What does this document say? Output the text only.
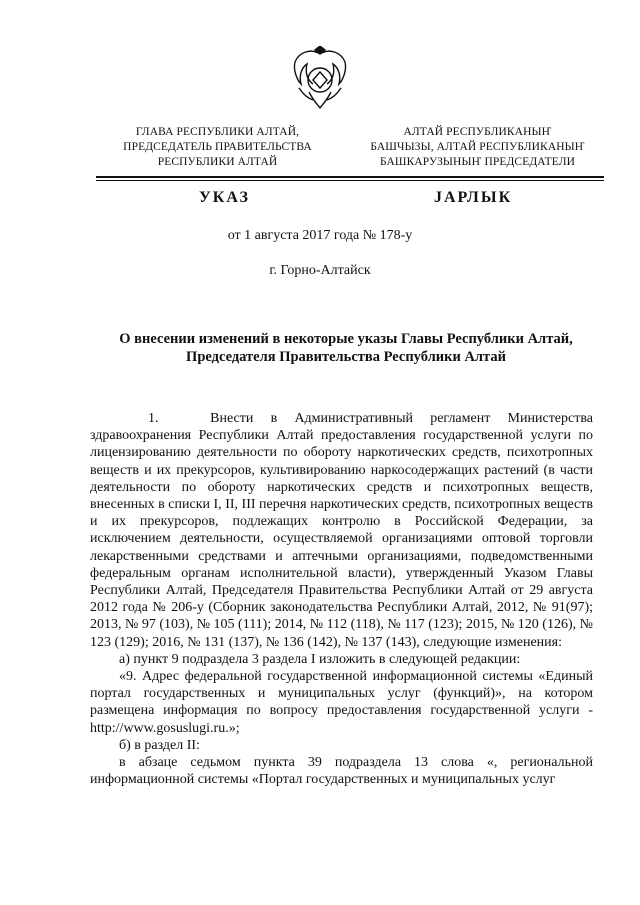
ГЛАВА РЕСПУБЛИКИ АЛТАЙ,
ПРЕДСЕДАТЕЛЬ ПРАВИТЕЛЬСТВА
РЕСПУБЛИКИ АЛТАЙ
АЛТАЙ РЕСПУБЛИКАНЫҤ
БАШЧЫЗЫ, АЛТАЙ РЕСПУБЛИКАНЫҤ
БАШКАРУЗЫНЫҤ ПРЕДСЕДАТЕЛИ
УКАЗ	JАРЛЫК
от 1 августа 2017 года № 178-у
г. Горно-Алтайск
О внесении изменений в некоторые указы Главы Республики Алтай, Председателя Правительства Республики Алтай

1.   Внести в Административный регламент Министерства здравоохранения Республики Алтай предоставления государственной услуги по лицензированию деятельности по обороту наркотических средств, психотропных веществ и их прекурсоров, культивированию наркосодержащих растений (в части деятельности по обороту наркотических средств и психотропных веществ, внесенных в списки I, II, III перечня наркотических средств, психотропных веществ и их прекурсоров, подлежащих контролю в Российской Федерации, за исключением деятельности, осуществляемой организациями оптовой торговли лекарственными средствами и аптечными организациями, подведомственными федеральным органам исполнительной власти), утвержденный Указом Главы Республики Алтай, Председателя Правительства Республики Алтай от 29 августа 2012 года № 206-у (Сборник законодательства Республики Алтай, 2012, № 91(97); 2013, № 97 (103), № 105 (111); 2014, № 112 (118), № 117 (123); 2015, № 120 (126), № 123 (129); 2016, № 131 (137), № 136 (142), № 137 (143), следующие изменения:

а) пункт 9 подраздела 3 раздела I изложить в следующей редакции:

«9. Адрес федеральной государственной информационной системы «Единый портал государственных и муниципальных услуг (функций)», на котором размещена информация по вопросу предоставления государственной услуги - http://www.gosuslugi.ru.»;

б) в раздел II:

в абзаце седьмом пункта 39 подраздела 13 слова «, региональной информационной системы «Портал государственных и муниципальных услуг
